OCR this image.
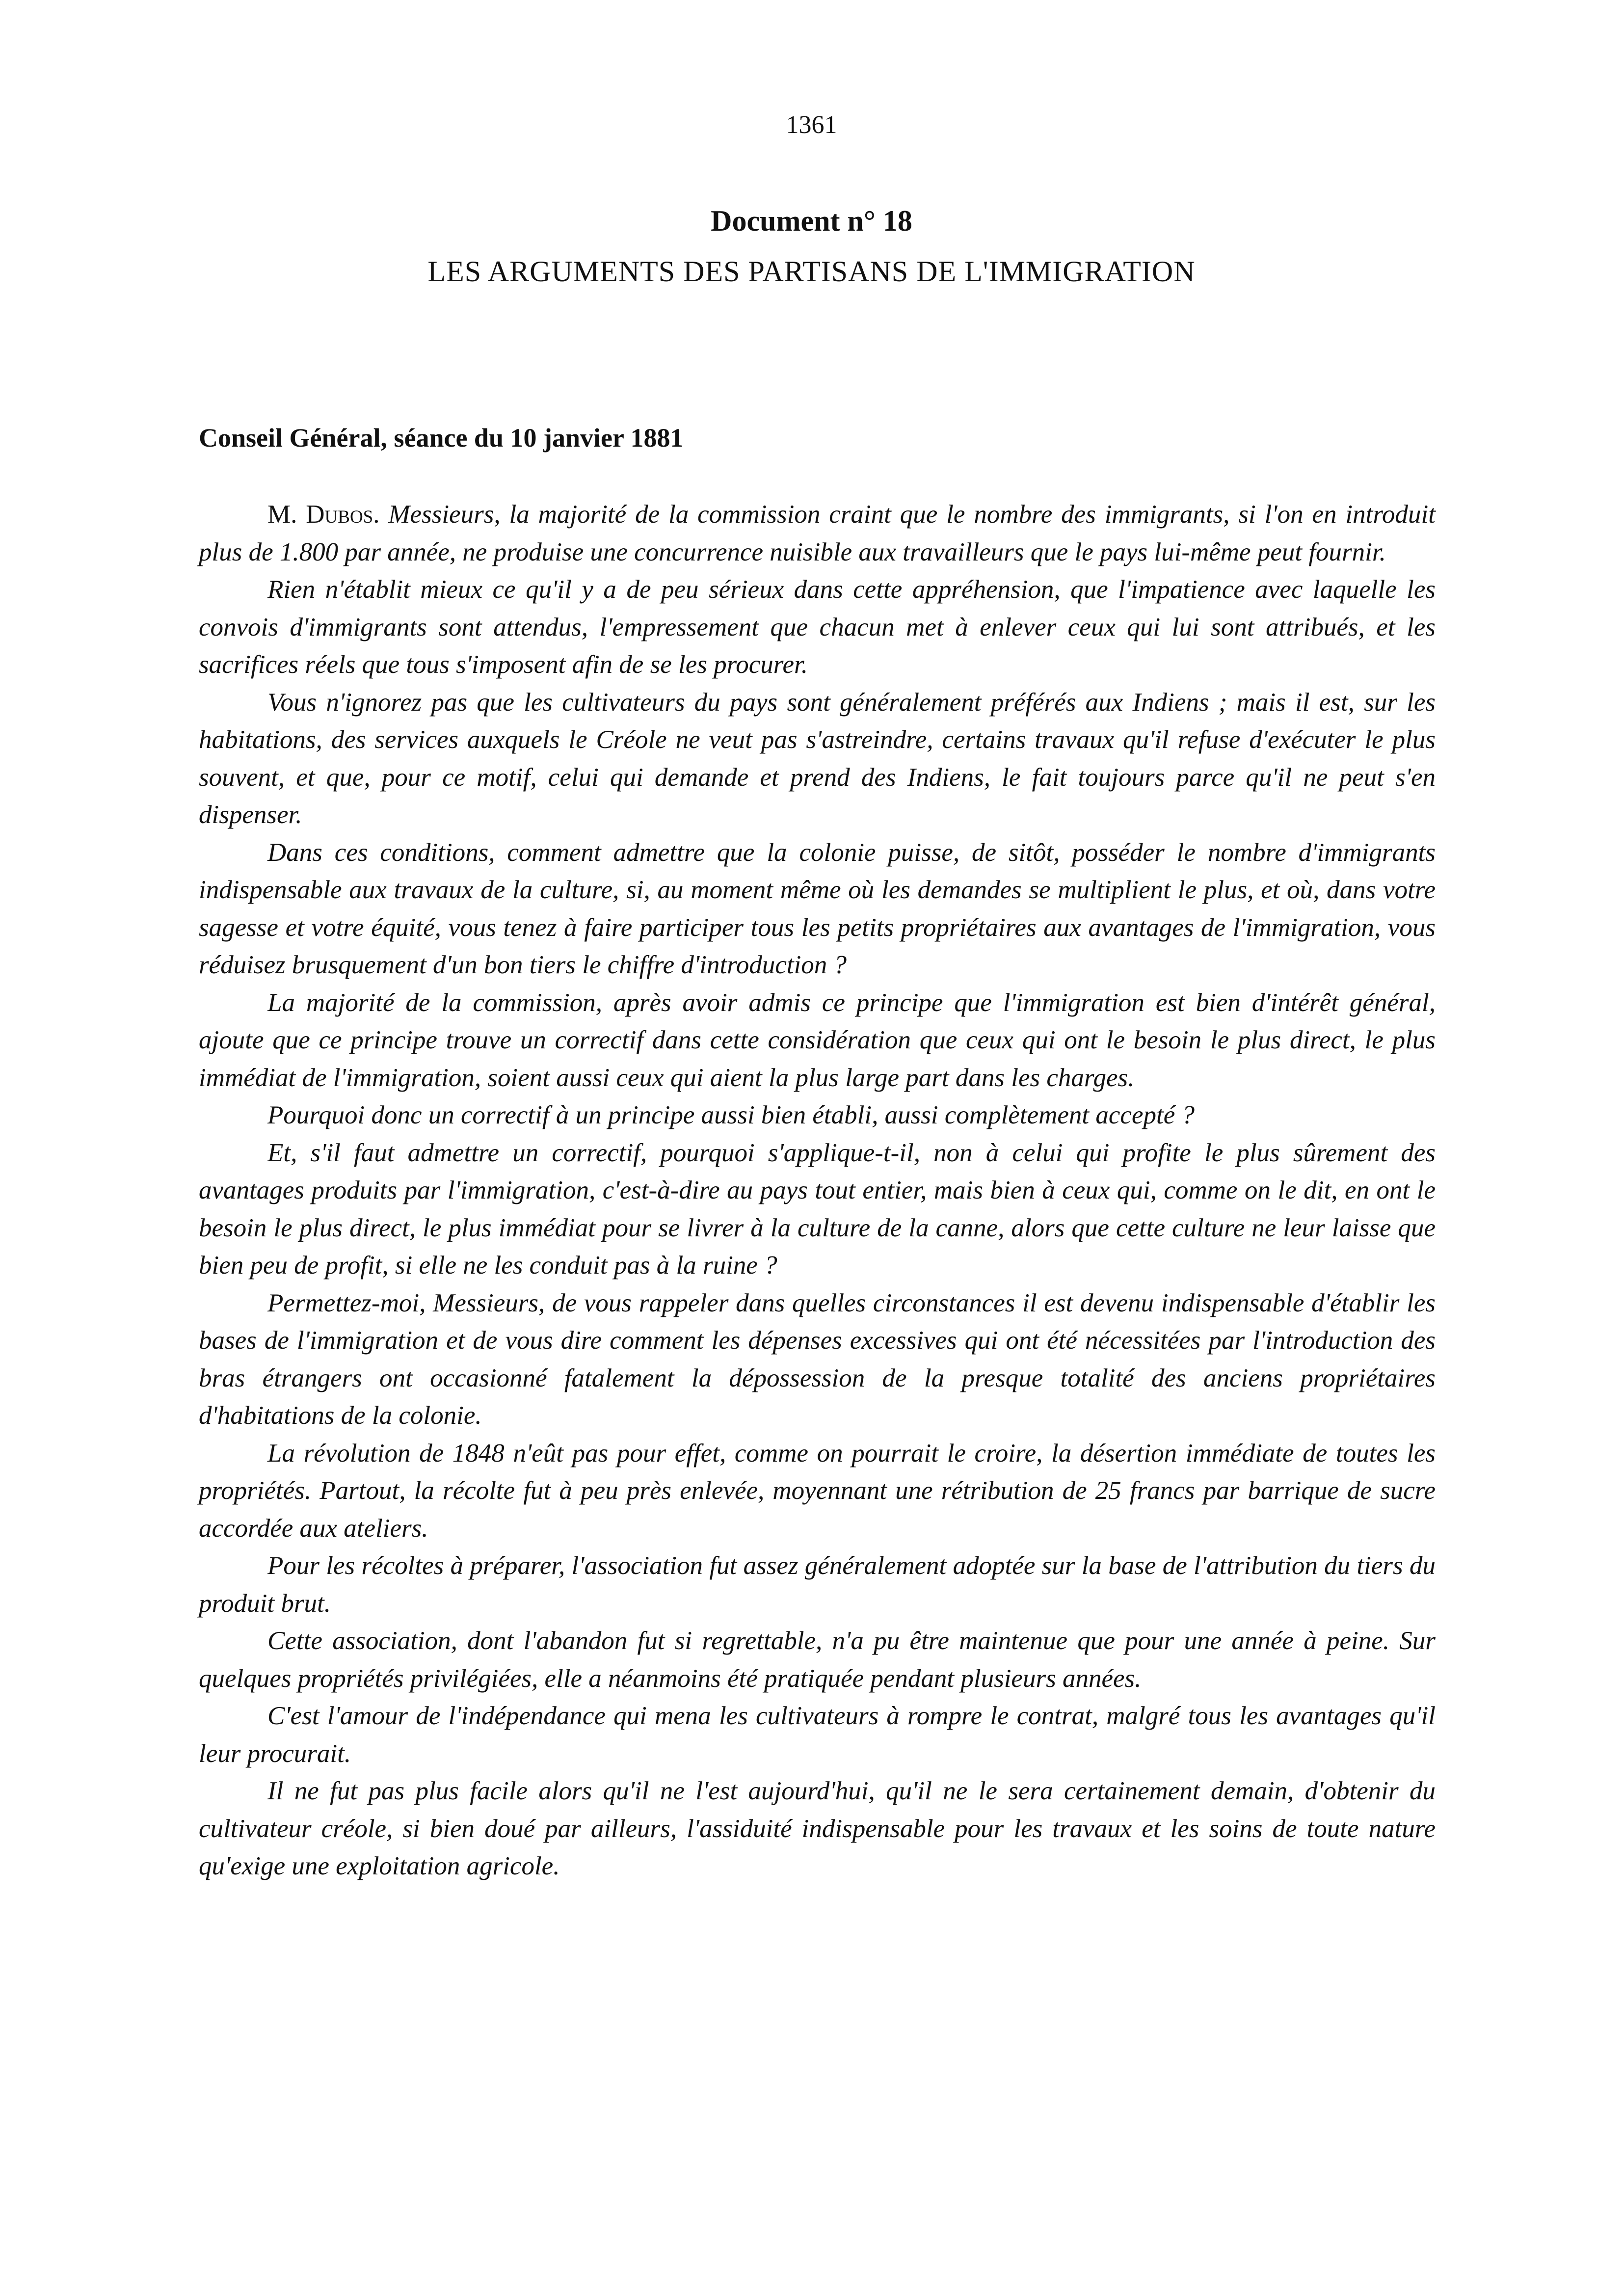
1361
Document n° 18
LES ARGUMENTS DES PARTISANS DE L'IMMIGRATION
Conseil Général, séance du 10 janvier 1881

M. Dubos. Messieurs, la majorité de la commission craint que le nombre des immigrants, si l'on en introduit plus de 1.800 par année, ne produise une concurrence nuisible aux travailleurs que le pays lui-même peut fournir.

Rien n'établit mieux ce qu'il y a de peu sérieux dans cette appréhension, que l'impatience avec laquelle les convois d'immigrants sont attendus, l'empressement que chacun met à enlever ceux qui lui sont attribués, et les sacrifices réels que tous s'imposent afin de se les procurer.

Vous n'ignorez pas que les cultivateurs du pays sont généralement préférés aux Indiens ; mais il est, sur les habitations, des services auxquels le Créole ne veut pas s'astreindre, certains travaux qu'il refuse d'exécuter le plus souvent, et que, pour ce motif, celui qui demande et prend des Indiens, le fait toujours parce qu'il ne peut s'en dispenser.

Dans ces conditions, comment admettre que la colonie puisse, de sitôt, posséder le nombre d'immigrants indispensable aux travaux de la culture, si, au moment même où les demandes se multiplient le plus, et où, dans votre sagesse et votre équité, vous tenez à faire participer tous les petits propriétaires aux avantages de l'immigration, vous réduisez brusquement d'un bon tiers le chiffre d'introduction ?

La majorité de la commission, après avoir admis ce principe que l'immigration est bien d'intérêt général, ajoute que ce principe trouve un correctif dans cette considération que ceux qui ont le besoin le plus direct, le plus immédiat de l'immigration, soient aussi ceux qui aient la plus large part dans les charges.

Pourquoi donc un correctif à un principe aussi bien établi, aussi complètement accepté ?

Et, s'il faut admettre un correctif, pourquoi s'applique-t-il, non à celui qui profite le plus sûrement des avantages produits par l'immigration, c'est-à-dire au pays tout entier, mais bien à ceux qui, comme on le dit, en ont le besoin le plus direct, le plus immédiat pour se livrer à la culture de la canne, alors que cette culture ne leur laisse que bien peu de profit, si elle ne les conduit pas à la ruine ?

Permettez-moi, Messieurs, de vous rappeler dans quelles circonstances il est devenu indispensable d'établir les bases de l'immigration et de vous dire comment les dépenses excessives qui ont été nécessitées par l'introduction des bras étrangers ont occasionné fatalement la dépossession de la presque totalité des anciens propriétaires d'habitations de la colonie.

La révolution de 1848 n'eût pas pour effet, comme on pourrait le croire, la désertion immédiate de toutes les propriétés. Partout, la récolte fut à peu près enlevée, moyennant une rétribution de 25 francs par barrique de sucre accordée aux ateliers.

Pour les récoltes à préparer, l'association fut assez généralement adoptée sur la base de l'attribution du tiers du produit brut.

Cette association, dont l'abandon fut si regrettable, n'a pu être maintenue que pour une année à peine. Sur quelques propriétés privilégiées, elle a néanmoins été pratiquée pendant plusieurs années.

C'est l'amour de l'indépendance qui mena les cultivateurs à rompre le contrat, malgré tous les avantages qu'il leur procurait.

Il ne fut pas plus facile alors qu'il ne l'est aujourd'hui, qu'il ne le sera certainement demain, d'obtenir du cultivateur créole, si bien doué par ailleurs, l'assiduité indispensable pour les travaux et les soins de toute nature qu'exige une exploitation agricole.
